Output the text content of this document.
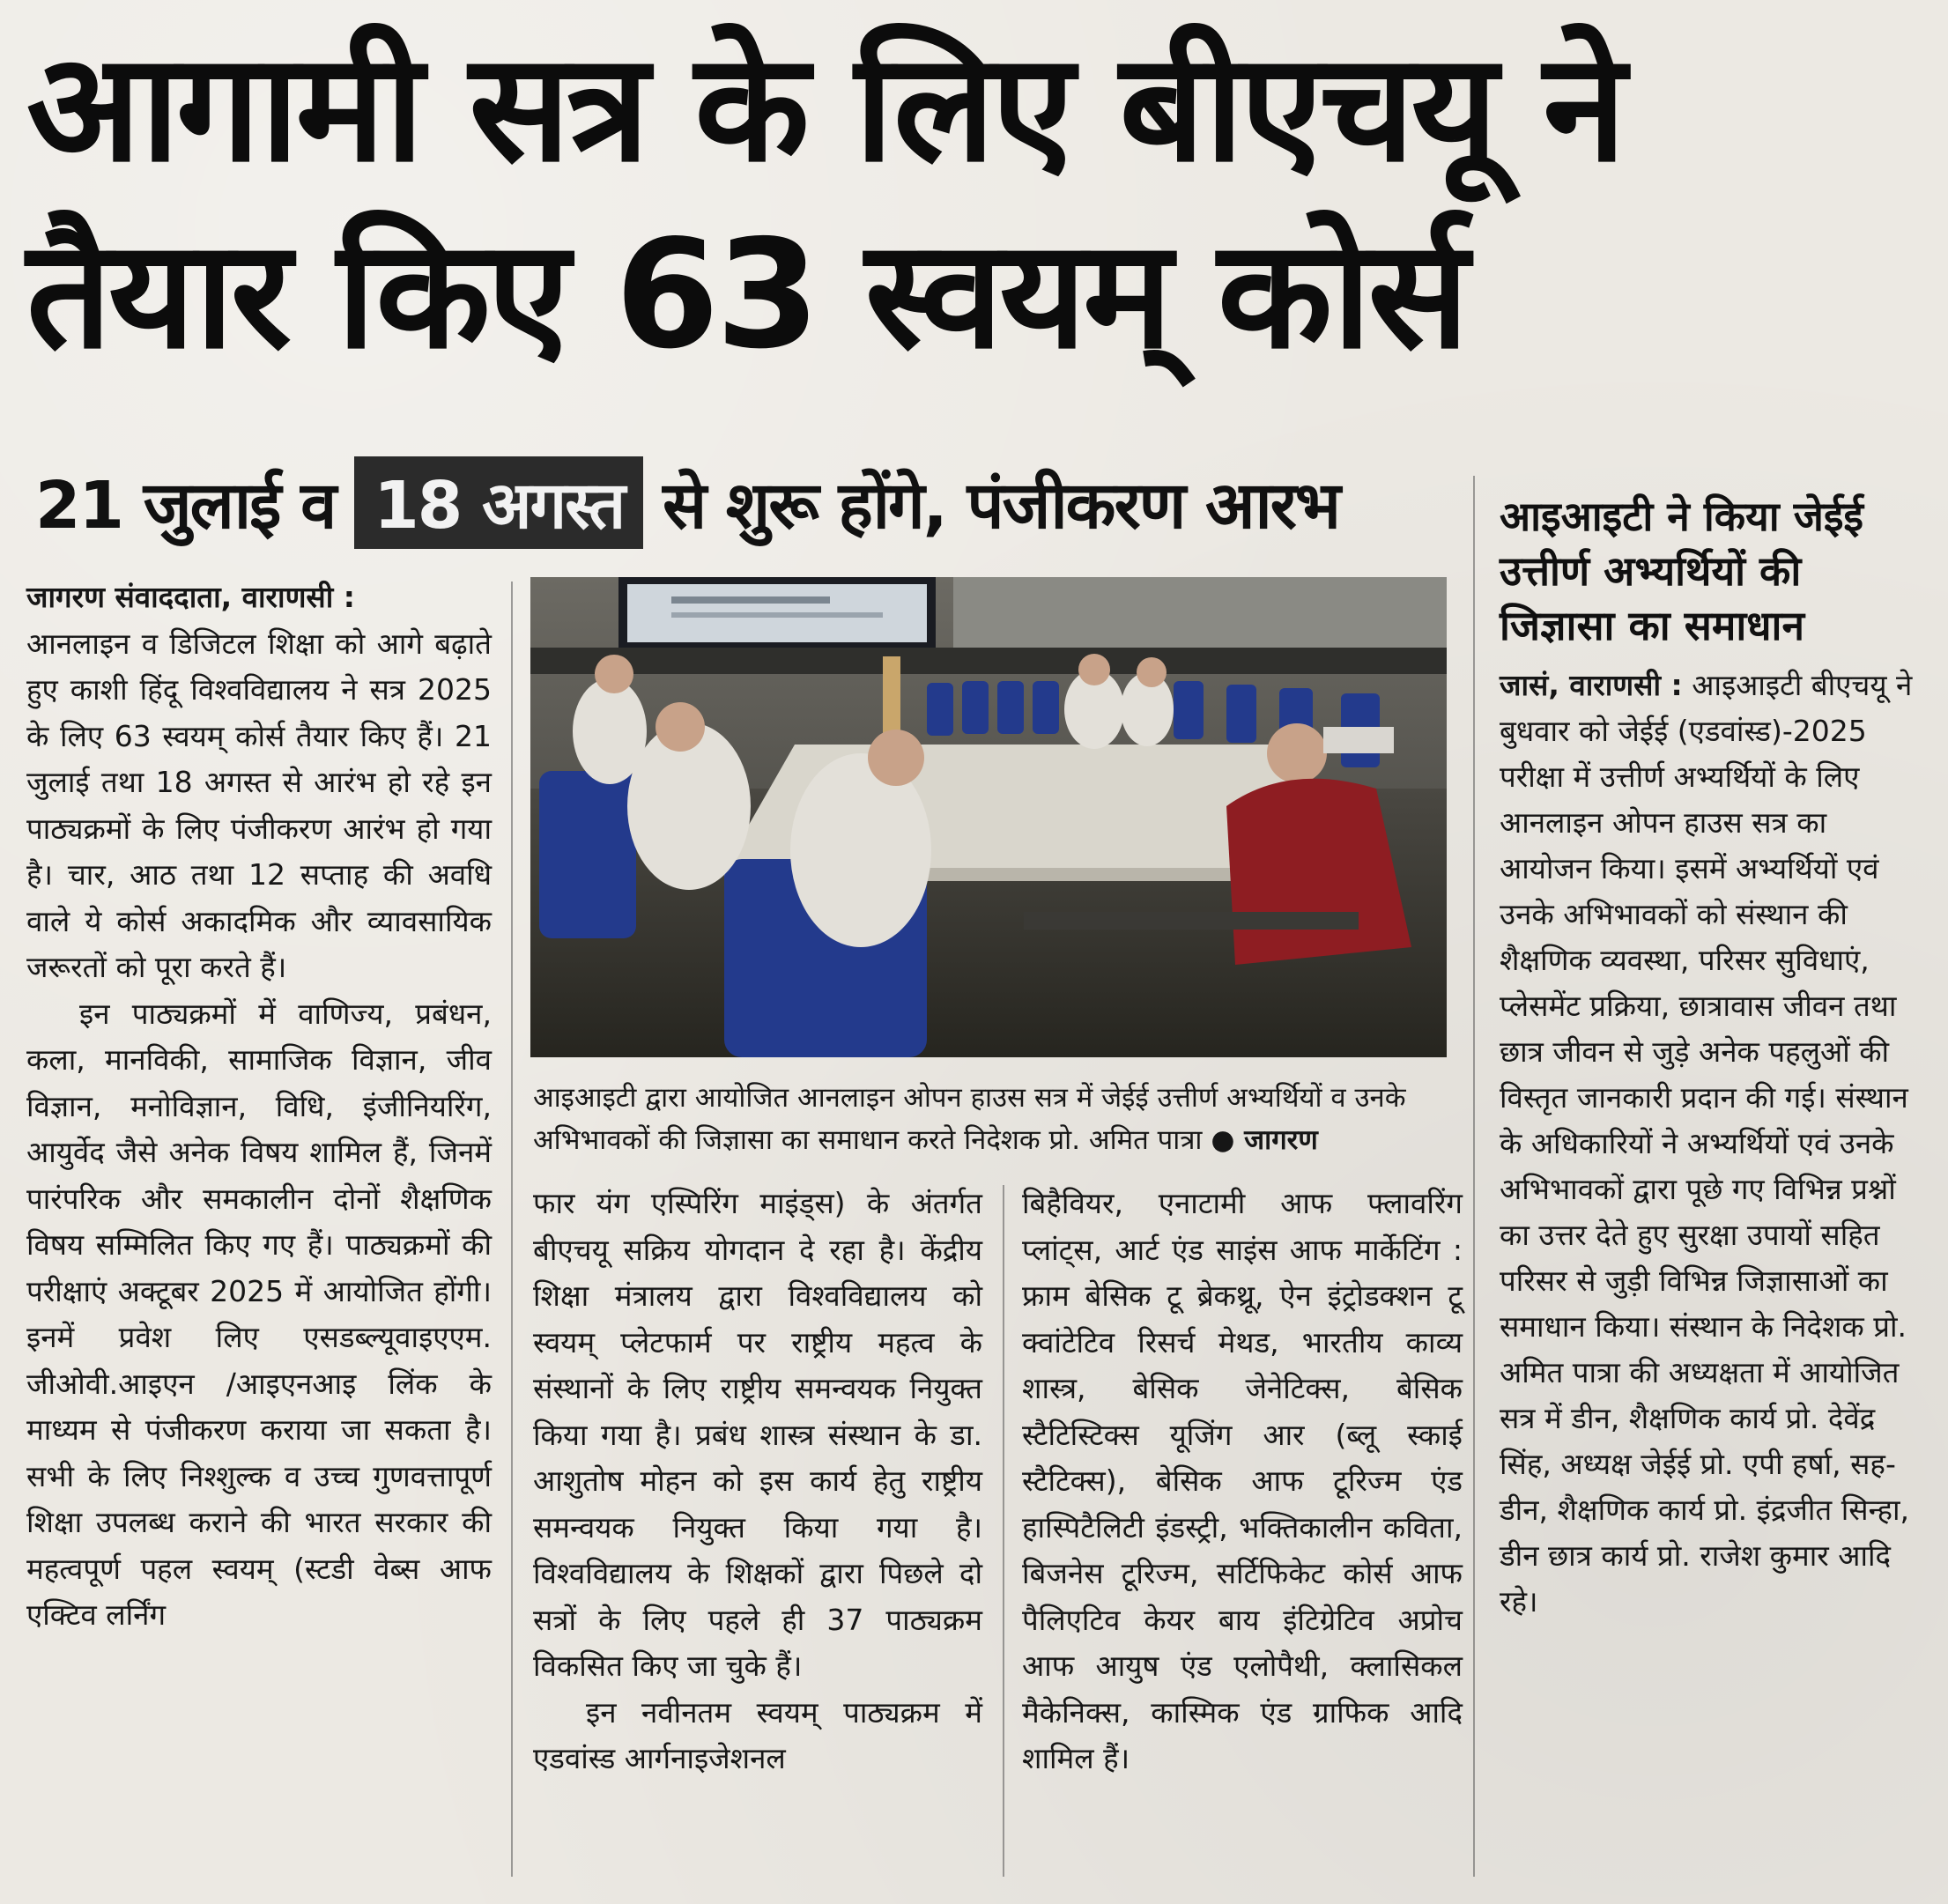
आगामी सत्र के लिए बीएचयू ने
तैयार किए 63 स्वयम् कोर्स
21 जुलाई व 18 अगस्त से शुरू होंगे, पंजीकरण आरभ

जागरण संवाददाता, वाराणसी :

आनलाइन व डिजिटल शिक्षा को आगे बढ़ाते हुए काशी हिंदू विश्वविद्यालय ने सत्र 2025 के लिए 63 स्वयम् कोर्स तैयार किए हैं। 21 जुलाई तथा 18 अगस्त से आरंभ हो रहे इन पाठ्यक्रमों के लिए पंजीकरण आरंभ हो गया है। चार, आठ तथा 12 सप्ताह की अवधि वाले ये कोर्स अकादमिक और व्यावसायिक जरूरतों को पूरा करते हैं।

इन पाठ्यक्रमों में वाणिज्य, प्रबंधन, कला, मानविकी, सामाजिक विज्ञान, जीव विज्ञान, मनोविज्ञान, विधि, इंजीनियरिंग, आयुर्वेद जैसे अनेक विषय शामिल हैं, जिनमें पारंपरिक और समकालीन दोनों शैक्षणिक विषय सम्मिलित किए गए हैं। पाठ्यक्रमों की परीक्षाएं अक्टूबर 2025 में आयोजित होंगी। इनमें प्रवेश लिए एसडब्ल्यूवाइएएम. जीओवी.आइएन /आइएनआइ लिंक के माध्यम से पंजीकरण कराया जा सकता है। सभी के लिए निश्शुल्क व उच्च गुणवत्तापूर्ण शिक्षा उपलब्ध कराने की भारत सरकार की महत्वपूर्ण पहल स्वयम् (स्टडी वेब्स आफ एक्टिव लर्निंग

आइआइटी द्वारा आयोजित आनलाइन ओपन हाउस सत्र में जेईई उत्तीर्ण अभ्यर्थियों व उनके अभिभावकों की जिज्ञासा का समाधान करते निदेशक प्रो. अमित पात्रा ● जागरण

फार यंग एस्पिरिंग माइंड्स) के अंतर्गत बीएचयू सक्रिय योगदान दे रहा है। केंद्रीय शिक्षा मंत्रालय द्वारा विश्वविद्यालय को स्वयम् प्लेटफार्म पर राष्ट्रीय महत्व के संस्थानों के लिए राष्ट्रीय समन्वयक नियुक्त किया गया है। प्रबंध शास्त्र संस्थान के डा. आशुतोष मोहन को इस कार्य हेतु राष्ट्रीय समन्वयक नियुक्त किया गया है। विश्वविद्यालय के शिक्षकों द्वारा पिछले दो सत्रों के लिए पहले ही 37 पाठ्यक्रम विकसित किए जा चुके हैं।

इन नवीनतम स्वयम् पाठ्यक्रम में एडवांस्ड आर्गनाइजेशनल

बिहैवियर, एनाटामी आफ फ्लावरिंग प्लांट्स, आर्ट एंड साइंस आफ मार्केटिंग : फ्राम बेसिक टू ब्रेकथ्रू, ऐन इंट्रोडक्शन टू क्वांटेटिव रिसर्च मेथड, भारतीय काव्य शास्त्र, बेसिक जेनेटिक्स, बेसिक स्टैटिस्टिक्स यूजिंग आर (ब्लू स्काई स्टैटिक्स), बेसिक आफ टूरिज्म एंड हास्पिटैलिटी इंडस्ट्री, भक्तिकालीन कविता, बिजनेस टूरिज्म, सर्टिफिकेट कोर्स आफ पैलिएटिव केयर बाय इंटिग्रेटिव अप्रोच आफ आयुष एंड एलोपैथी, क्लासिकल मैकेनिक्स, कास्मिक एंड ग्राफिक आदि शामिल हैं।

आइआइटी ने किया जेईई उत्तीर्ण अभ्यर्थियों की जिज्ञासा का समाधान

जासं, वाराणसी : आइआइटी बीएचयू ने बुधवार को जेईई (एडवांस्ड)-2025 परीक्षा में उत्तीर्ण अभ्यर्थियों के लिए आनलाइन ओपन हाउस सत्र का आयोजन किया। इसमें अभ्यर्थियों एवं उनके अभिभावकों को संस्थान की शैक्षणिक व्यवस्था, परिसर सुविधाएं, प्लेसमेंट प्रक्रिया, छात्रावास जीवन तथा छात्र जीवन से जुड़े अनेक पहलुओं की विस्तृत जानकारी प्रदान की गई। संस्थान के अधिकारियों ने अभ्यर्थियों एवं उनके अभिभावकों द्वारा पूछे गए विभिन्न प्रश्नों का उत्तर देते हुए सुरक्षा उपायों सहित परिसर से जुड़ी विभिन्न जिज्ञासाओं का समाधान किया। संस्थान के निदेशक प्रो. अमित पात्रा की अध्यक्षता में आयोजित सत्र में डीन, शैक्षणिक कार्य प्रो. देवेंद्र सिंह, अध्यक्ष जेईई प्रो. एपी हर्षा, सह-डीन, शैक्षणिक कार्य प्रो. इंद्रजीत सिन्हा, डीन छात्र कार्य प्रो. राजेश कुमार आदि रहे।
